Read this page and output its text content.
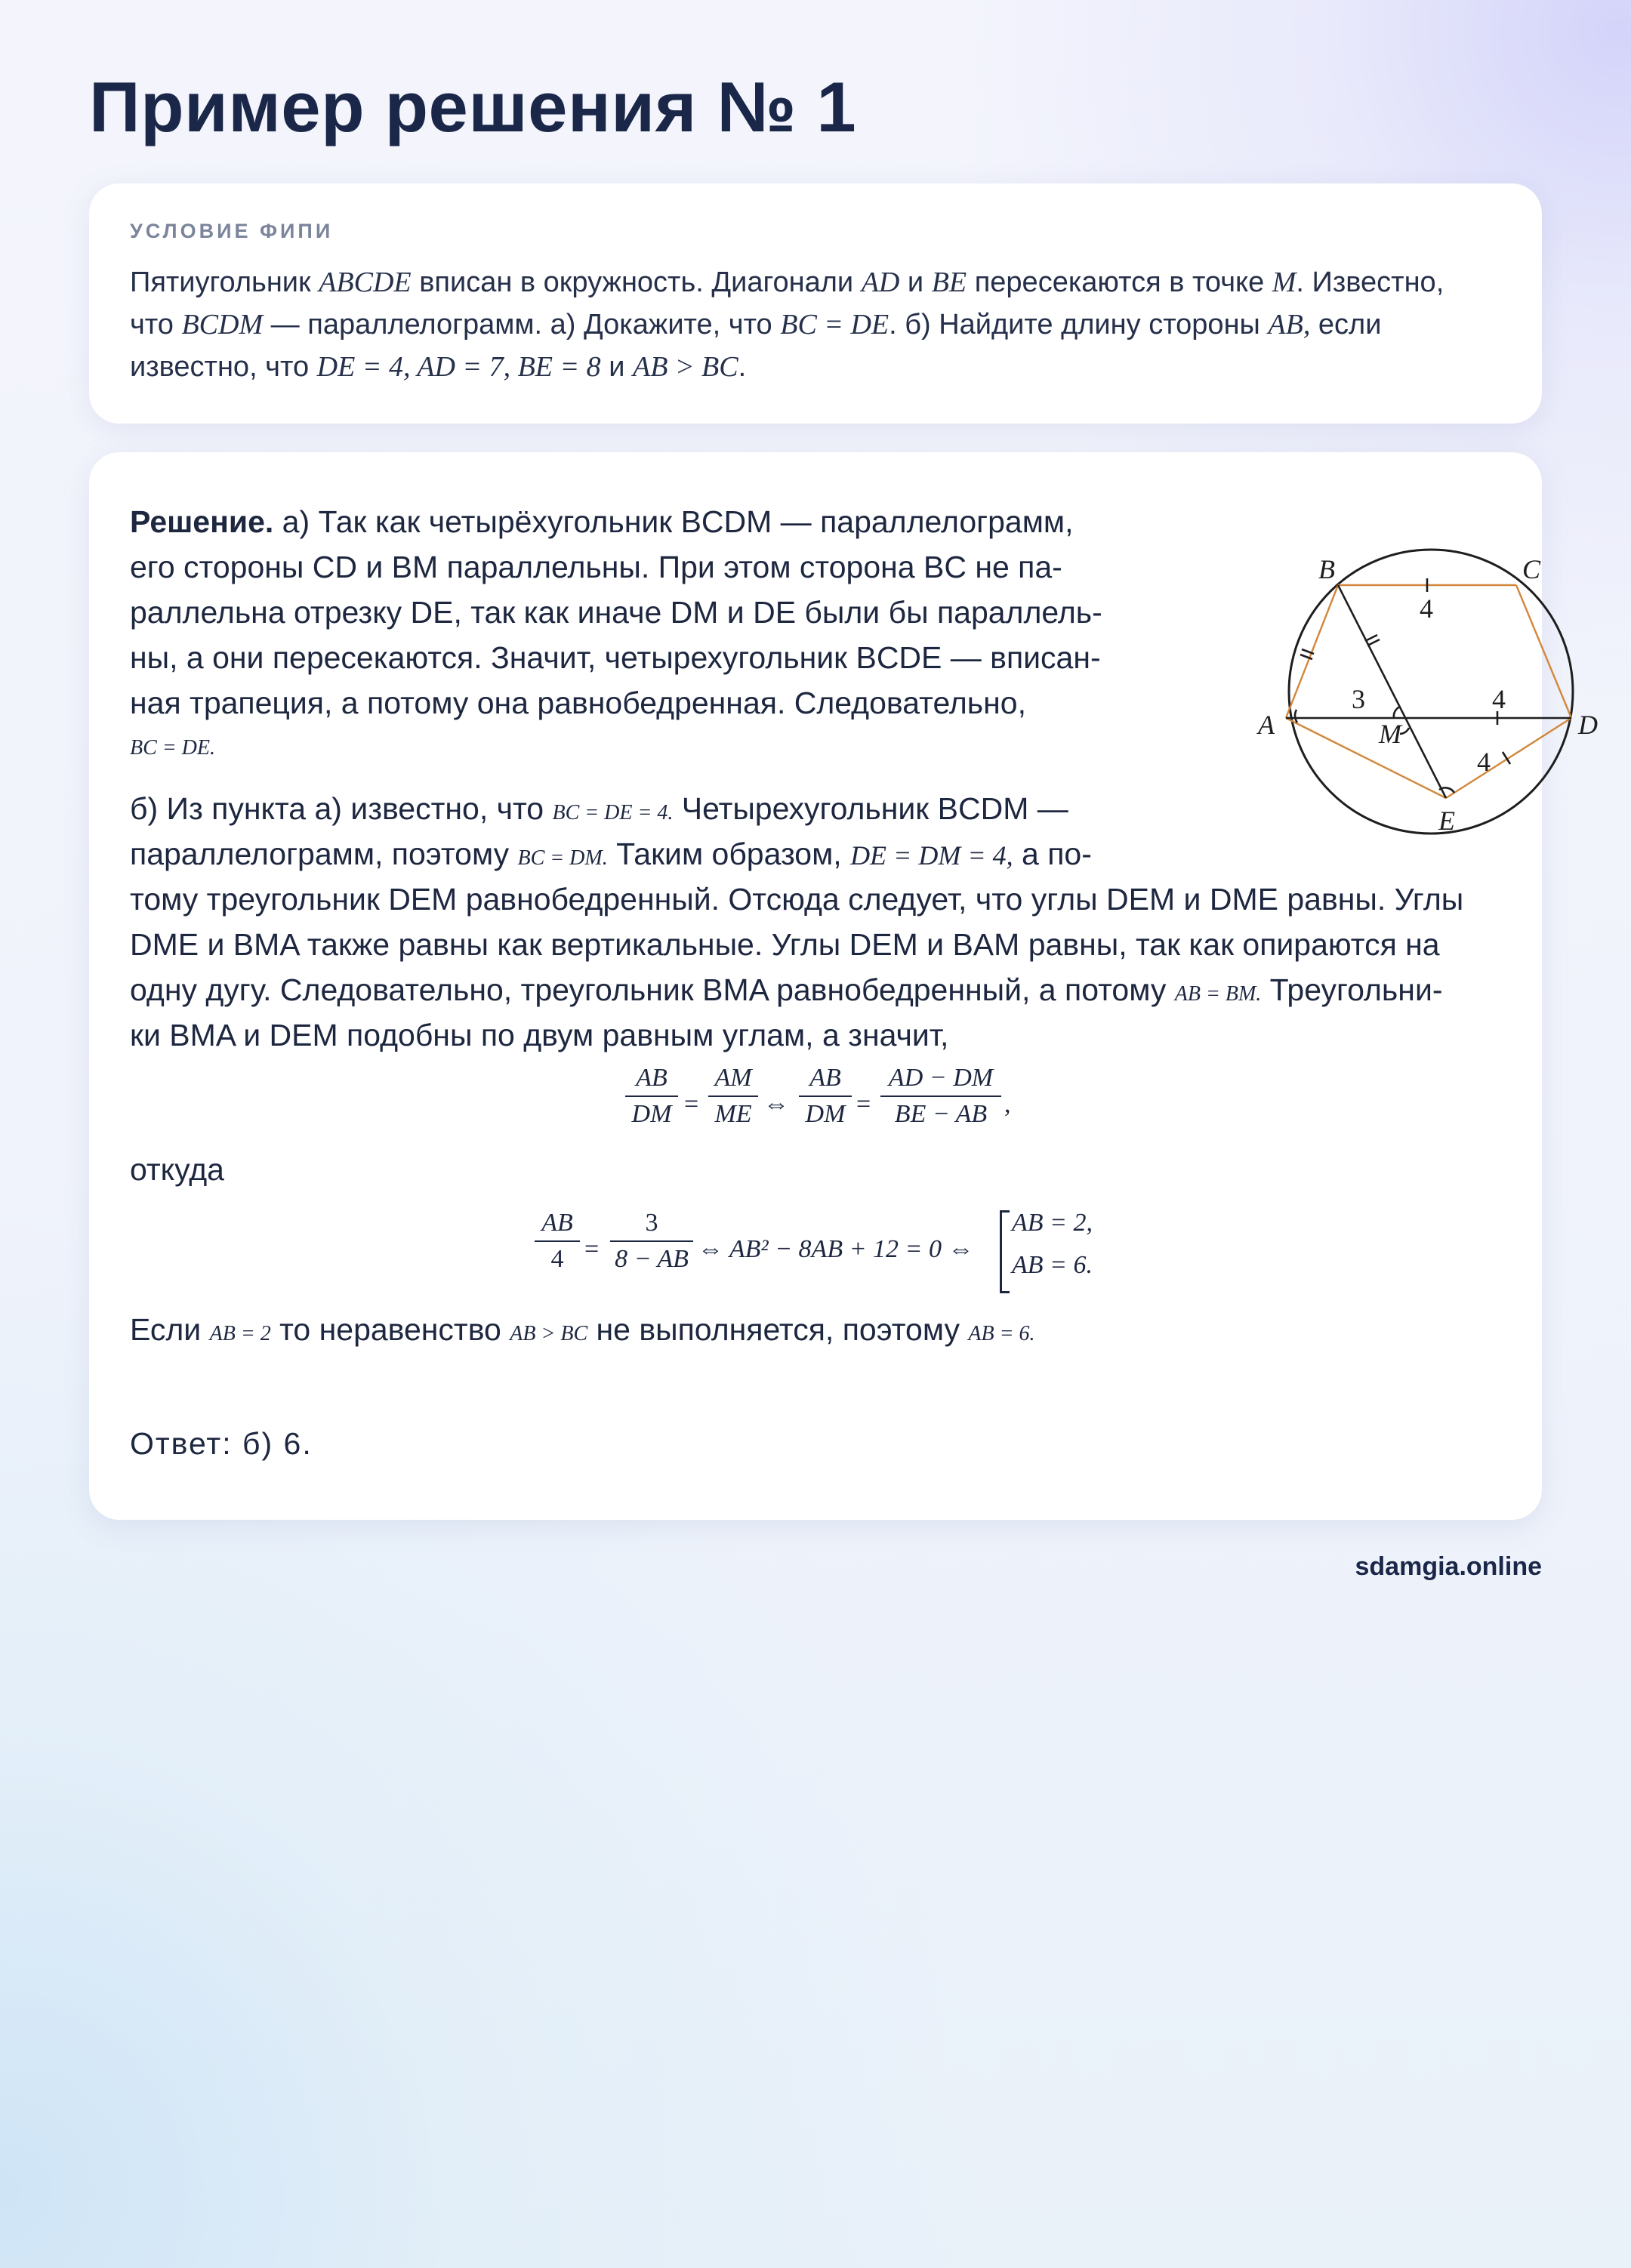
Пример решения № 1
УСЛОВИЕ ФИПИ
Пятиугольник ABCDE вписан в окружность. Диагонали AD и BE пересекаются в точке M. Известно, что BCDM — параллелограмм. а) Докажите, что BC = DE. б) Найдите длину стороны AB, если известно, что DE = 4, AD = 7, BE = 8 и AB > BC.
Решение. а) Так как четырёхугольник BCDM — параллелограмм,
его стороны CD и BM параллельны. При этом сторона BC не па-
раллельна отрезку DE, так как иначе DM и DE были бы параллель-
ны, а они пересекаются. Значит, четырехугольник BCDE — вписан-
ная трапеция, а потому она равнобедренная. Следовательно,
BC = DE.
б) Из пункта а) известно, что BC = DE = 4. Четырехугольник BCDM —
параллелограмм, поэтому BC = DM. Таким образом, DE = DM = 4, а по-
тому треугольник DEM равнобедренный. Отсюда следует, что углы DEM и DME равны. Углы
DME и BMA также равны как вертикальные. Углы DEM и BAM равны, так как опираются на
одну дугу. Следовательно, треугольник BMA равнобедренный, а потому AB = BM. Треугольни-
ки BMA и DEM подобны по двум равным углам, а значит,
AB
DM =
AM
ME ⇔
AB
DM =
AD − DM
BE − AB ,
откуда
AB
4 =
3
8 − AB ⇔ AB² − 8AB + 12 = 0 ⇔
AB = 2,
AB = 6.
Если AB = 2 то неравенство AB > BC не выполняется, поэтому AB = 6.
Ответ: б) 6.
B	C
A	D
E
M
4
3	4
4
sdamgia.online
